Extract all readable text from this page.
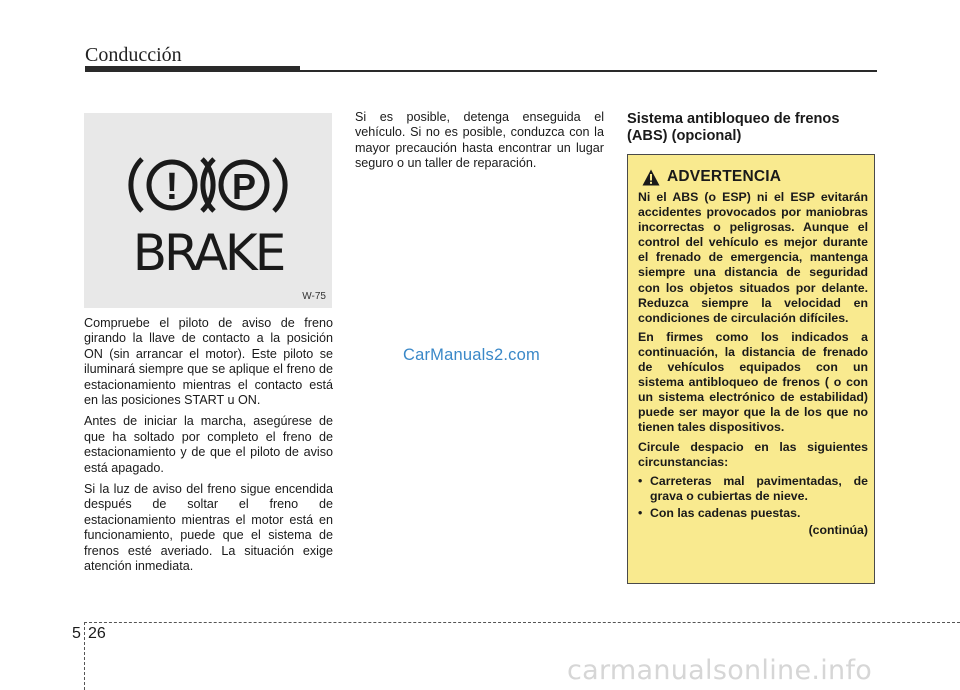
Conducción
! P
BRAKE
W-75

Compruebe el piloto de aviso de freno girando la llave de contacto a la posición ON (sin arrancar el motor). Este piloto se iluminará siempre que se aplique el freno de estacionamiento mientras el contacto está en las posiciones START u ON.

Antes de iniciar la marcha, asegúrese de que ha soltado por completo el freno de estacionamiento y de que el piloto de aviso está apagado.

Si la luz de aviso del freno sigue encendida después de soltar el freno de estacionamiento mientras el motor está en funcionamiento, puede que el sistema de frenos esté averiado. La situación exige atención inmediata.

Si es posible, detenga enseguida el vehículo. Si no es posible, conduzca con la mayor precaución hasta encontrar un lugar seguro o un taller de reparación.

Sistema antibloqueo de frenos (ABS) (opcional)
ADVERTENCIA

Ni el ABS (o ESP) ni el ESP evitarán accidentes provocados por maniobras incorrectas o peligrosas. Aunque el control del vehículo es mejor durante el frenado de emergencia, mantenga siempre una distancia de seguridad con los objetos situados por delante. Reduzca siempre la velocidad en condiciones de circulación difíciles.

En firmes como los indicados a continuación, la distancia de frenado de vehículos equipados con un sistema antibloqueo de frenos ( o con un sistema electrónico de estabilidad) puede ser mayor que la de los que no tienen tales dispositivos.

Circule despacio en las siguientes circunstancias:

• Carreteras mal pavimentadas, de grava o cubiertas de nieve.
• Con las cadenas puestas.
(continúa)
CarManuals2.com
5 26
carmanualsonline.info
